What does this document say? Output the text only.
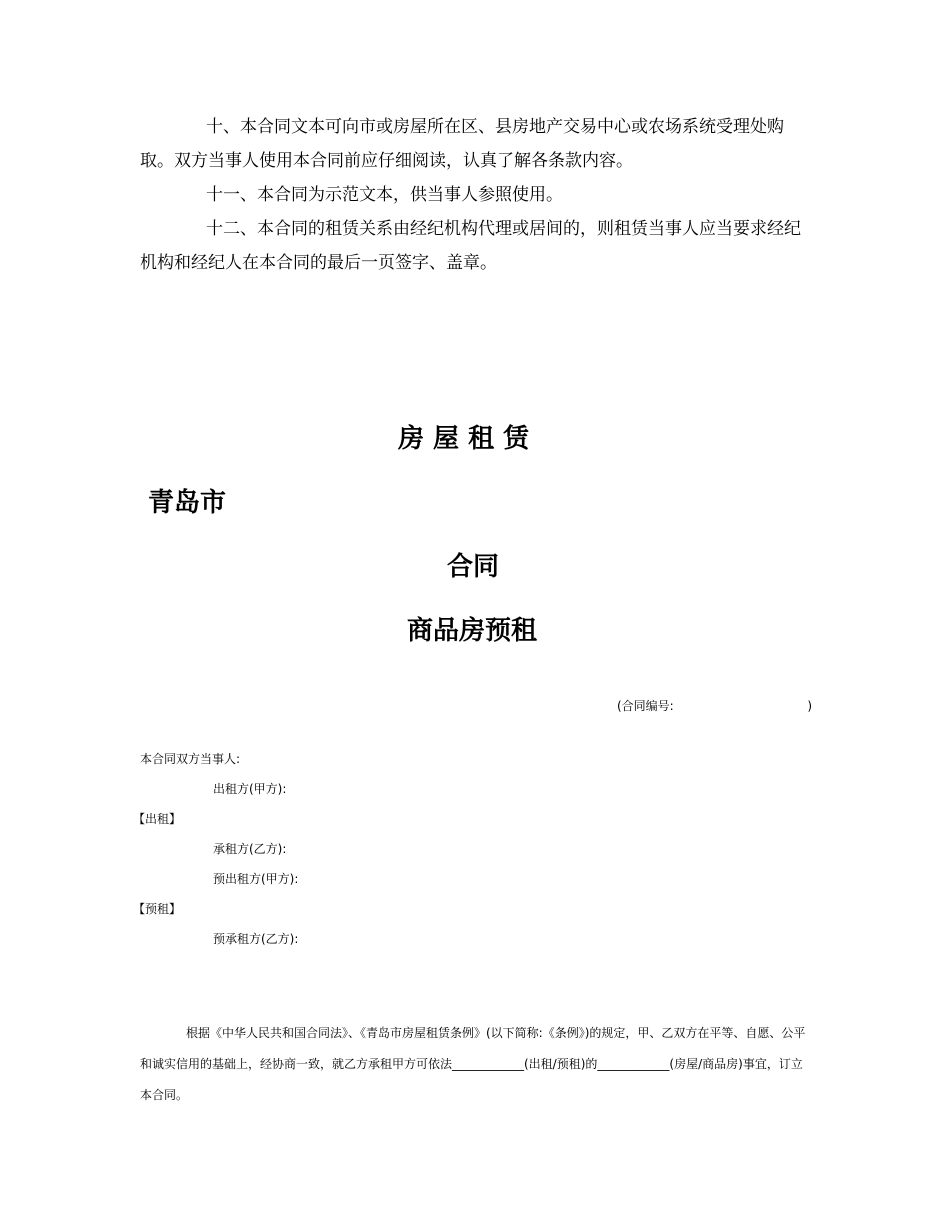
十、本合同文本可向市或房屋所在区、县房地产交易中心或农场系统受理处购取。双方当事人使用本合同前应仔细阅读，认真了解各条款内容。

十一、本合同为示范文本，供当事人参照使用。

十二、本合同的租赁关系由经纪机构代理或居间的，则租赁当事人应当要求经纪机构和经纪人在本合同的最后一页签字、盖章。

房 屋 租 赁
青岛市
合同
商品房预租
(合同编号:	)
本合同双方当事人:
出租方(甲方):
【出租】
承租方(乙方):
预出租方(甲方):
【预租】
预承租方(乙方):

根据《中华人民共和国合同法》、《青岛市房屋租赁条例》(以下简称:《条例》)的规定，甲、乙双方在平等、自愿、公平和诚实信用的基础上，经协商一致，就乙方承租甲方可依法____________(出租/预租)的____________(房屋/商品房)事宜，订立本合同。
